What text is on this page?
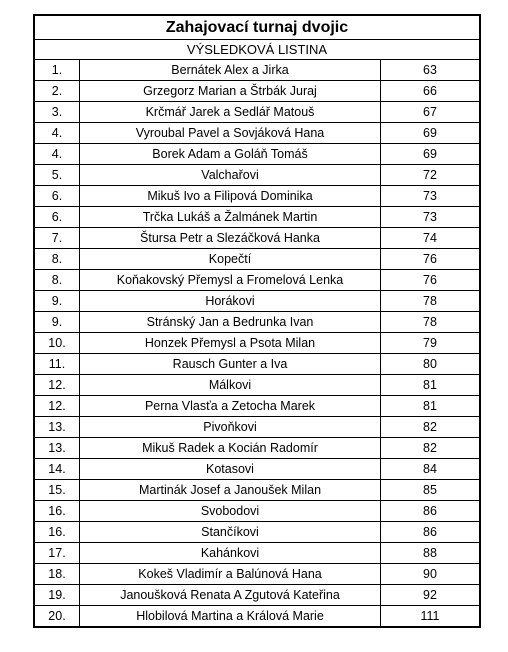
Zahajovací turnaj dvojic
VÝSLEDKOVÁ LISTINA
1.	Bernátek Alex a Jirka	63
2.	Grzegorz Marian a Štrbák Juraj	66
3.	Krčmář Jarek a Sedlář Matouš	67
4.	Vyroubal Pavel a Sovjáková Hana	69
4.	Borek Adam a Goláň Tomáš	69
5.	Valchařovi	72
6.	Mikuš Ivo a Filipová Dominika	73
6.	Trčka Lukáš a Žalmánek Martin	73
7.	Štursa Petr a Slezáčková Hanka	74
8.	Kopečtí	76
8.	Koňakovský Přemysl a Fromelová Lenka	76
9.	Horákovi	78
9.	Stránský Jan a Bedrunka Ivan	78
10.	Honzek Přemysl a Psota Milan	79
11.	Rausch Gunter a Iva	80
12.	Málkovi	81
12.	Perna Vlasťa a Zetocha Marek	81
13.	Pivoňkovi	82
13.	Mikuš Radek a Kocián Radomír	82
14.	Kotasovi	84
15.	Martinák Josef a Janoušek Milan	85
16.	Svobodovi	86
16.	Stančíkovi	86
17.	Kahánkovi	88
18.	Kokeš Vladimír a Balúnová Hana	90
19.	Janoušková Renata A Zgutová Kateřina	92
20.	Hlobilová Martina a Králová Marie	111
